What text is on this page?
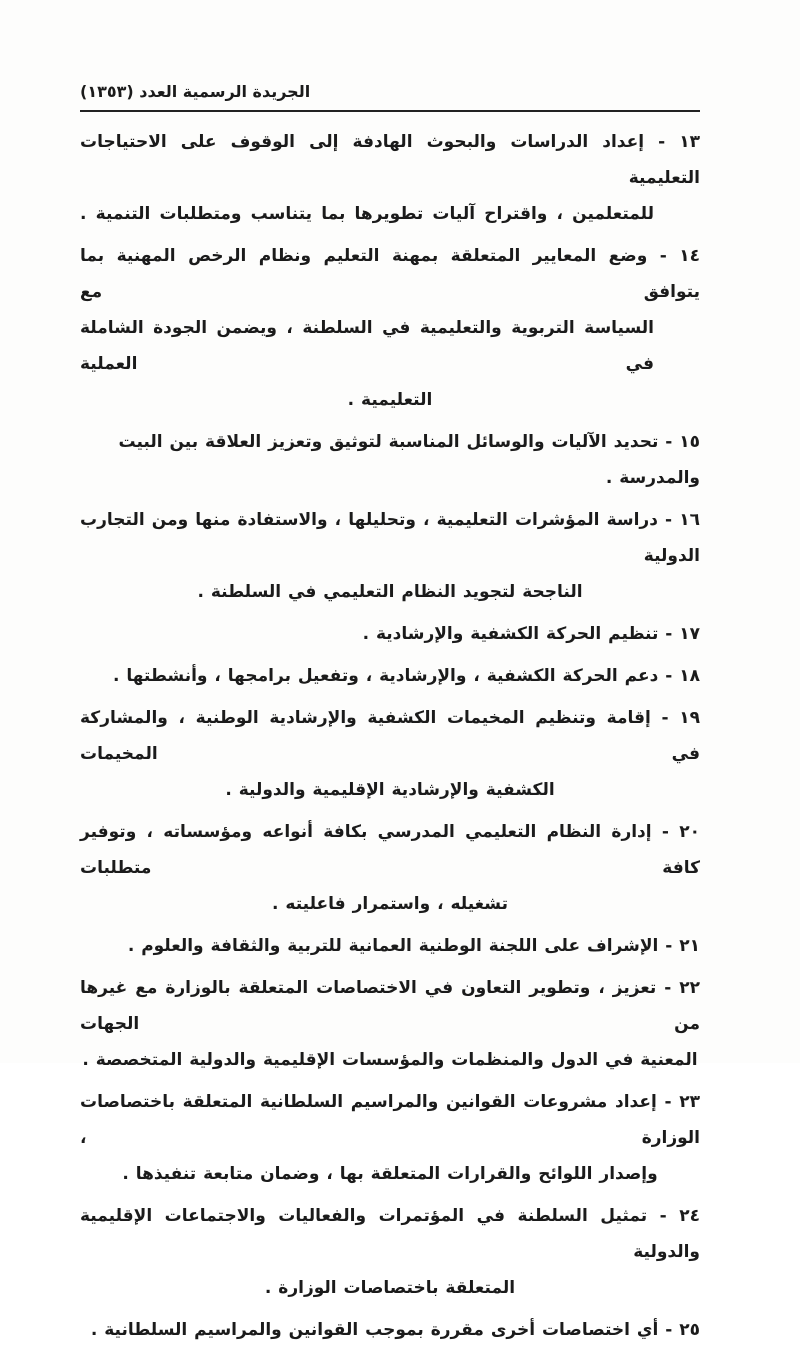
الجريدة الرسمية العدد (١٣٥٣)
١٣ - إعداد الدراسات والبحوث الهادفة إلى الوقوف على الاحتياجات التعليمية
للمتعلمين ، واقتراح آليات تطويرها بما يتناسب ومتطلبات التنمية .
١٤ - وضع المعايير المتعلقة بمهنة التعليم ونظام الرخص المهنية بما يتوافق مع
السياسة التربوية والتعليمية في السلطنة ، ويضمن الجودة الشاملة في العملية
التعليمية .
١٥ - تحديد الآليات والوسائل المناسبة لتوثيق وتعزيز العلاقة بين البيت والمدرسة .
١٦ - دراسة المؤشرات التعليمية ، وتحليلها ، والاستفادة منها ومن التجارب الدولية
الناجحة لتجويد النظام التعليمي في السلطنة .
١٧ - تنظيم الحركة الكشفية والإرشادية .
١٨ - دعم الحركة الكشفية ، والإرشادية ، وتفعيل برامجها ، وأنشطتها .
١٩ - إقامة وتنظيم المخيمات الكشفية والإرشادية الوطنية ، والمشاركة في المخيمات
الكشفية والإرشادية الإقليمية والدولية .
٢٠ - إدارة النظام التعليمي المدرسي بكافة أنواعه ومؤسساته ، وتوفير كافة متطلبات
تشغيله ، واستمرار فاعليته .
٢١ - الإشراف على اللجنة الوطنية العمانية للتربية والثقافة والعلوم .
٢٢ - تعزيز ، وتطوير التعاون في الاختصاصات المتعلقة بالوزارة مع غيرها من الجهات
المعنية في الدول والمنظمات والمؤسسات الإقليمية والدولية المتخصصة .
٢٣ - إعداد مشروعات القوانين والمراسيم السلطانية المتعلقة باختصاصات الوزارة ،
وإصدار اللوائح والقرارات المتعلقة بها ، وضمان متابعة تنفيذها .
٢٤ - تمثيل السلطنة في المؤتمرات والفعاليات والاجتماعات الإقليمية والدولية
المتعلقة باختصاصات الوزارة .
٢٥ - أي اختصاصات أخرى مقررة بموجب القوانين والمراسيم السلطانية .
